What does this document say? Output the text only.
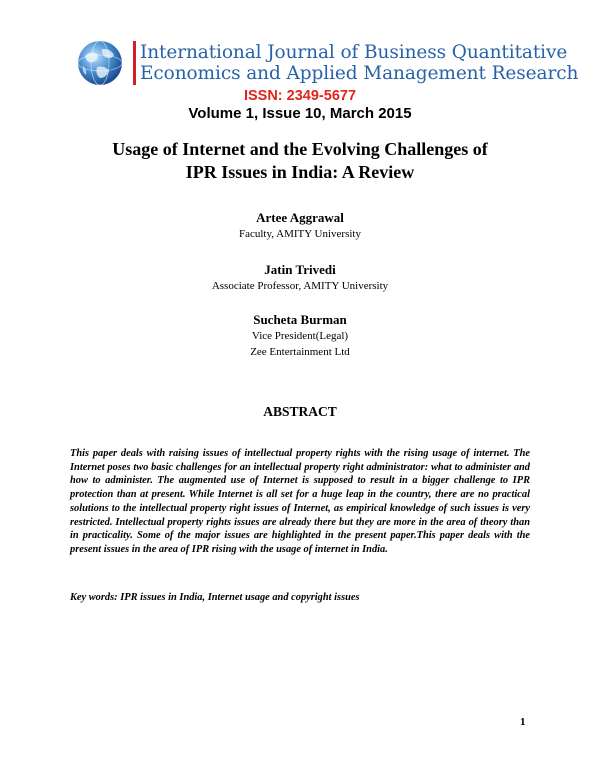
International Journal of Business Quantitative
Economics and Applied Management Research
ISSN: 2349-5677
Volume 1, Issue 10, March 2015
Usage of Internet and the Evolving Challenges of
IPR Issues in India: A Review
Artee Aggrawal
Faculty, AMITY University
Jatin Trivedi
Associate Professor, AMITY University
Sucheta Burman
Vice President(Legal)
Zee Entertainment Ltd
ABSTRACT
This paper deals with raising issues of intellectual property rights with the rising usage of internet. The Internet poses two basic challenges for an intellectual property right administrator: what to administer and how to administer. The augmented use of Internet is supposed to result in a bigger challenge to IPR protection than at present. While Internet is all set for a huge leap in the country, there are no practical solutions to the intellectual property right issues of Internet, as empirical knowledge of such issues is very restricted. Intellectual property rights issues are already there but they are more in the area of theory than in practicality. Some of the major issues are highlighted in the present paper.This paper deals with the present issues in the area of IPR rising with the usage of internet in India.
Key words: IPR issues in India, Internet usage and copyright issues
1
